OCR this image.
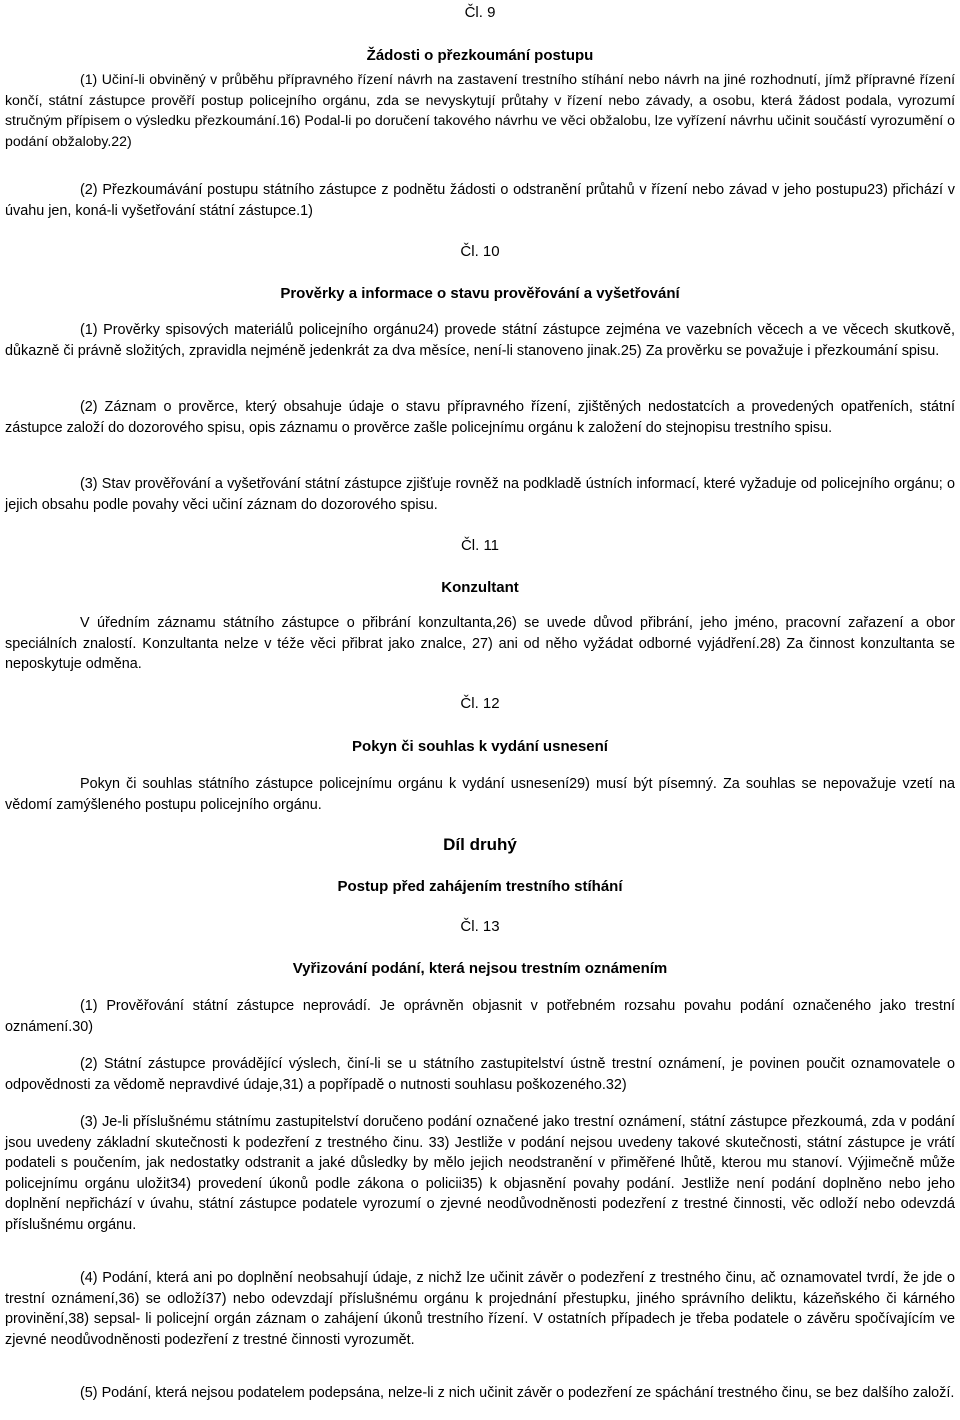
Čl. 9
Žádosti o přezkoumání postupu

(1) Učiní-li obviněný v průběhu přípravného řízení návrh na zastavení trestního stíhání nebo návrh na jiné rozhodnutí, jímž přípravné řízení končí, státní zástupce prověří postup policejního orgánu, zda se nevyskytují průtahy v řízení nebo závady, a osobu, která žádost podala, vyrozumí stručným přípisem o výsledku přezkoumání.16) Podal-li po doručení takového návrhu ve věci obžalobu, lze vyřízení návrhu učinit součástí vyrozumění o podání obžaloby.22)

(2) Přezkoumávání postupu státního zástupce z podnětu žádosti o odstranění průtahů v řízení nebo závad v jeho postupu23) přichází v úvahu jen, koná-li vyšetřování státní zástupce.1)

Čl. 10
Prověrky a informace o stavu prověřování a vyšetřování

(1) Prověrky spisových materiálů policejního orgánu24) provede státní zástupce zejména ve vazebních věcech a ve věcech skutkově, důkazně či právně složitých, zpravidla nejméně jedenkrát za dva měsíce, není-li stanoveno jinak.25) Za prověrku se považuje i přezkoumání spisu.

(2) Záznam o prověrce, který obsahuje údaje o stavu přípravného řízení, zjištěných nedostatcích a provedených opatřeních, státní zástupce založí do dozorového spisu, opis záznamu o prověrce zašle policejnímu orgánu k založení do stejnopisu trestního spisu.

(3) Stav prověřování a vyšetřování státní zástupce zjišťuje rovněž na podkladě ústních informací, které vyžaduje od policejního orgánu; o jejich obsahu podle povahy věci učiní záznam do dozorového spisu.

Čl. 11
Konzultant

V úředním záznamu státního zástupce o přibrání konzultanta,26) se uvede důvod přibrání, jeho jméno, pracovní zařazení a obor speciálních znalostí. Konzultanta nelze v téže věci přibrat jako znalce, 27) ani od něho vyžádat odborné vyjádření.28) Za činnost konzultanta se neposkytuje odměna.

Čl. 12
Pokyn či souhlas k vydání usnesení

Pokyn či souhlas státního zástupce policejnímu orgánu k vydání usnesení29) musí být písemný. Za souhlas se nepovažuje vzetí na vědomí zamýšleného postupu policejního orgánu.

Díl druhý
Postup před zahájením trestního stíhání
Čl. 13
Vyřizování podání, která nejsou trestním oznámením

(1) Prověřování státní zástupce neprovádí. Je oprávněn objasnit v potřebném rozsahu povahu podání označeného jako trestní oznámení.30)

(2) Státní zástupce provádějící výslech, činí-li se u státního zastupitelství ústně trestní oznámení, je povinen poučit oznamovatele o odpovědnosti za vědomě nepravdivé údaje,31) a popřípadě o nutnosti souhlasu poškozeného.32)

(3) Je-li příslušnému státnímu zastupitelství doručeno podání označené jako trestní oznámení, státní zástupce přezkoumá, zda v podání jsou uvedeny základní skutečnosti k podezření z trestného činu. 33) Jestliže v podání nejsou uvedeny takové skutečnosti, státní zástupce je vrátí podateli s poučením, jak nedostatky odstranit a jaké důsledky by mělo jejich neodstranění v přiměřené lhůtě, kterou mu stanoví. Výjimečně může policejnímu orgánu uložit34) provedení úkonů podle zákona o policii35) k objasnění povahy podání. Jestliže není podání doplněno nebo jeho doplnění nepřichází v úvahu, státní zástupce podatele vyrozumí o zjevné neodůvodněnosti podezření z trestné činnosti, věc odloží nebo odevzdá příslušnému orgánu.

(4) Podání, která ani po doplnění neobsahují údaje, z nichž lze učinit závěr o podezření z trestného činu, ač oznamovatel tvrdí, že jde o trestní oznámení,36) se odloží37) nebo odevzdají příslušnému orgánu k projednání přestupku, jiného správního deliktu, kázeňského či kárného provinění,38) sepsal- li policejní orgán záznam o zahájení úkonů trestního řízení. V ostatních případech je třeba podatele o závěru spočívajícím ve zjevné neodůvodněnosti podezření z trestné činnosti vyrozumět.

(5) Podání, která nejsou podatelem podepsána, nelze-li z nich učinit závěr o podezření ze spáchání trestného činu, se bez dalšího založí.
